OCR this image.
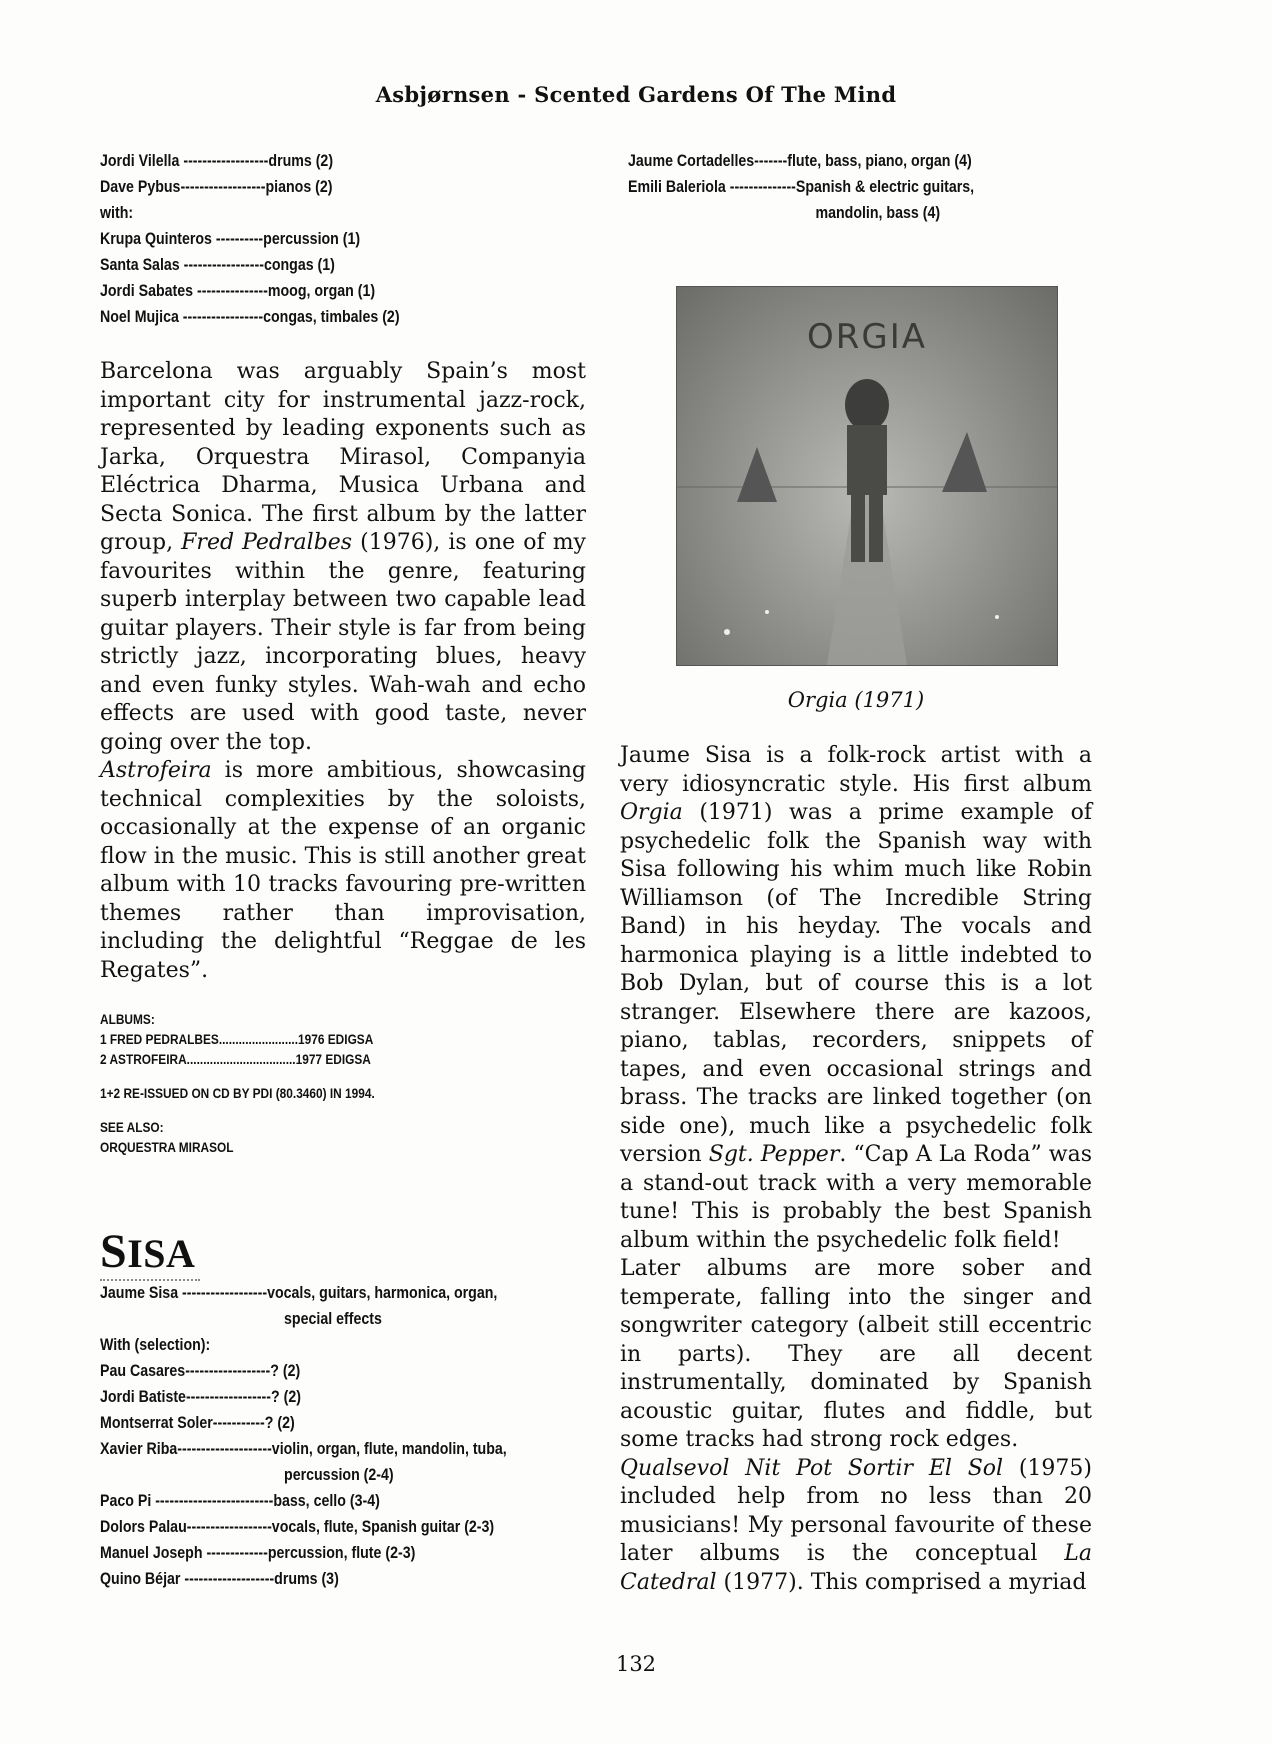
Asbjørnsen - Scented Gardens Of The Mind
Jordi Vilella ------------------drums (2)
Dave Pybus------------------pianos (2)
with:
Krupa Quinteros ----------percussion (1)
Santa Salas -----------------congas (1)
Jordi Sabates ---------------moog, organ (1)
Noel Mujica -----------------congas, timbales (2)

Barcelona was arguably Spain’s most important city for instrumental jazz-rock, represented by leading exponents such as Jarka, Orquestra Mirasol, Companyia Eléctrica Dharma, Musica Urbana and Secta Sonica. The first album by the latter group, Fred Pedralbes (1976), is one of my favourites within the genre, featuring superb interplay between two capable lead guitar players. Their style is far from being strictly jazz, incorporating blues, heavy and even funky styles. Wah-wah and echo effects are used with good taste, never going over the top.

Astrofeira is more ambitious, showcasing technical complexities by the soloists, occasionally at the expense of an organic flow in the music. This is still another great album with 10 tracks favouring pre-written themes rather than improvisation, including the delightful “Reggae de les Regates”.

ALBUMS:
1 FRED PEDRALBES........................1976 EDIGSA
2 ASTROFEIRA.................................1977 EDIGSA
1+2 RE-ISSUED ON CD BY PDI (80.3460) IN 1994.
SEE ALSO:
ORQUESTRA MIRASOL
SISA
Jaume Sisa ------------------vocals, guitars, harmonica, organ,
special effects
With (selection):
Pau Casares------------------? (2)
Jordi Batiste------------------? (2)
Montserrat Soler-----------? (2)
Xavier Riba--------------------violin, organ, flute, mandolin, tuba,
percussion (2-4)
Paco Pi -------------------------bass, cello (3-4)
Dolors Palau------------------vocals, flute, Spanish guitar (2-3)
Manuel Joseph -------------percussion, flute (2-3)
Quino Béjar -------------------drums (3)
Jaume Cortadelles-------flute, bass, piano, organ (4)
Emili Baleriola --------------Spanish & electric guitars,
mandolin, bass (4)
ORGIA
Orgia (1971)

Jaume Sisa is a folk-rock artist with a very idiosyncratic style. His first album Orgia (1971) was a prime example of psychedelic folk the Spanish way with Sisa following his whim much like Robin Williamson (of The Incredible String Band) in his heyday. The vocals and harmonica playing is a little indebted to Bob Dylan, but of course this is a lot stranger. Elsewhere there are kazoos, piano, tablas, recorders, snippets of tapes, and even occasional strings and brass. The tracks are linked together (on side one), much like a psychedelic folk version Sgt. Pepper. “Cap A La Roda” was a stand-out track with a very memorable tune! This is probably the best Spanish album within the psychedelic folk field!

Later albums are more sober and temperate, falling into the singer and songwriter category (albeit still eccentric in parts). They are all decent instrumentally, dominated by Spanish acoustic guitar, flutes and fiddle, but some tracks had strong rock edges.

Qualsevol Nit Pot Sortir El Sol (1975) included help from no less than 20 musicians! My personal favourite of these later albums is the conceptual La Catedral (1977). This comprised a myriad

132
